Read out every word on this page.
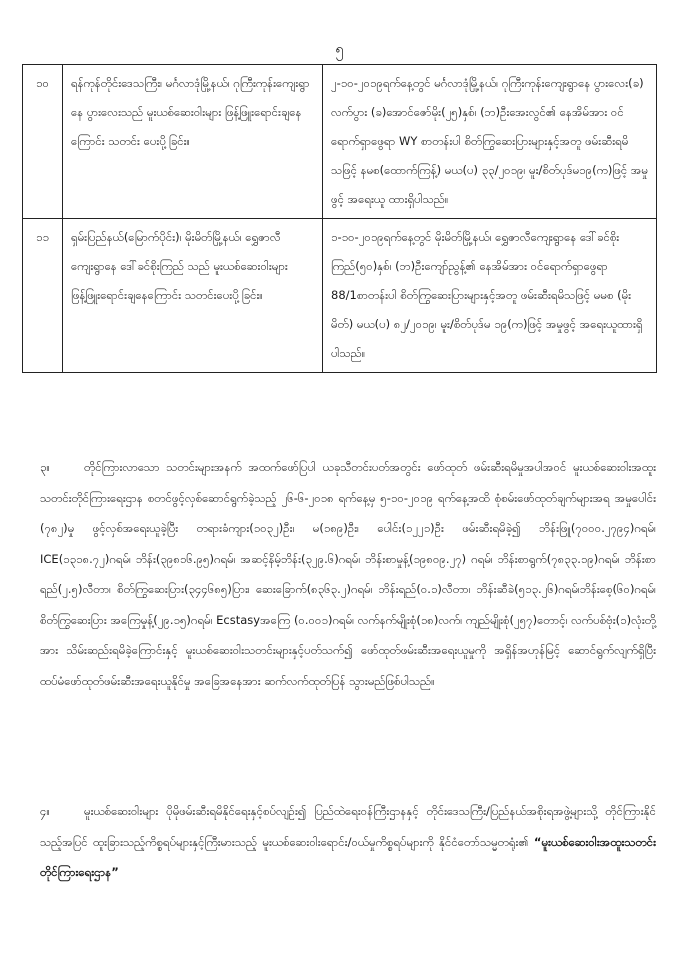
၅
၁၀	ရန်ကုန်တိုင်းဒေသကြီး၊ မင်္ဂလာဒုံမြို့နယ်၊ ဂုကြီးကုန်းကျေးရွာနေ ပွားလေးသည် မူးယစ်ဆေးဝါးများ ဖြန့်ဖြူးရောင်းချနေကြောင်း သတင်း ပေးပို့ခြင်း။	၂-၁၀-၂၀၁၉ရက်နေ့တွင် မင်္ဂလာဒုံမြို့နယ်၊ ဂုကြီးကုန်းကျေးရွာနေ ပွားလေး(ခ) လက်ပွား (ခ)အောင်ဇော်မိုး(၂၅)နှစ်၊ (ဘ)ဦးအေးလွင်၏ နေအိမ်အား ဝင်ရောက်ရှာဖွေရာ WY စာတန်းပါ စိတ်ကြွဆေးပြားများနှင့်အတူ ဖမ်းဆီးရမိသဖြင့် နမစ(ထောက်ကြန့်) မယ(ပ) ၃၃/၂၀၁၉၊ မူး/စိတ်ပုဒ်မ၁၉(က)ဖြင့် အမှုဖွင့် အရေးယူ ထားရှိပါသည်။
၁၁	ရှမ်းပြည်နယ်(မြောက်ပိုင်း)၊ မိုးမိတ်မြို့နယ်၊ ရွှေဇာလီကျေးရွာနေ ဒေါ်ခင်စိုးကြည် သည် မူးယစ်ဆေးဝါးများ ဖြန့်ဖြူးရောင်းချနေကြောင်း သတင်းပေးပို့ခြင်း။	၁-၁၀-၂၀၁၉ရက်နေ့တွင် မိုးမိတ်မြို့နယ်၊ ရွှေဇာလီကျေးရွာနေ ဒေါ်ခင်စိုးကြည်(၅၀)နှစ်၊ (ဘ)ဦးကျော်ညွန့်၏ နေအိမ်အား ဝင်ရောက်ရှာဖွေရာ 88/1စာတန်းပါ စိတ်ကြွဆေးပြားများနှင့်အတူ ဖမ်းဆီးရမိသဖြင့် မမစ (မိုးမိတ်) မယ(ပ) ၈၂/၂၀၁၉၊ မူး/စိတ်ပုဒ်မ ၁၉(က)ဖြင့် အမှုဖွင့် အရေးယူထားရှိပါသည်။
၃။	တိုင်ကြားလာသော သတင်းများအနက် အထက်ဖော်ပြပါ ယခုသီတင်းပတ်အတွင်း ဖော်ထုတ် ဖမ်းဆီးရမိမှုအပါအဝင် မူးယစ်ဆေးဝါးအထူးသတင်းတိုင်ကြားရေးဌာန စတင်ဖွင့်လှစ်ဆောင်ရွက်ခဲ့သည့် ၂၆-၆-၂၀၁၈ ရက်နေ့မှ ၅-၁၀-၂၀၁၉ ရက်နေ့အထိ စုံစမ်းဖော်ထုတ်ချက်များအရ အမှုပေါင်း (၇၈၂)မှု ဖွင့်လှစ်အရေးယူခဲ့ပြီး တရားခံကျား(၁၀၃၂)ဦး၊ မ(၁၈၉)ဦး၊ ပေါင်း(၁၂၂၁)ဦး ဖမ်းဆီးရမိခဲ့၍ ဘိန်းဖြူ(၇၀၀၀.၂၇၉၄)ဂရမ်၊ ICE(၁၃၁၈.၇၂)ဂရမ်၊ ဘိန်း(၃၉၈၁၆.၉၅)ဂရမ်၊ အဆင့်နိမ့်ဘိန်း(၃၂၉.၆)ဂရမ်၊ ဘိန်းစာမှုန့်(၁၉၈၀၉.၂၇) ဂရမ်၊ ဘိန်းစာရွက်(၇၈၃၃.၁၉)ဂရမ်၊ ဘိန်းစာရည်(၂.၅)လီတာ၊ စိတ်ကြွဆေးပြား(၃၄၄၆၈၅)ပြား၊ ဆေးခြောက်(၈၃၆၃.၂)ဂရမ်၊ ဘိန်းရည်(၀.၁)လီတာ၊ ဘိန်းဆီခဲ(၅၁၃.၂၆)ဂရမ်၊ဘိန်းစေ့(၆၀)ဂရမ်၊ စိတ်ကြွဆေးပြား အကြေမှုန့်(၂၉.၁၅)ဂရမ်၊ Ecstasyအကြေ (၀.၀၀၁)ဂရမ်၊ လက်နက်မျိုးစုံ(၁၈)လက်၊ ကျည်မျိုးစုံ(၂၅၇)တောင့်၊ လက်ပစ်ဗုံး(၁)လုံးတို့အား သိမ်းဆည်းရမိခဲ့ကြောင်းနှင့် မူးယစ်ဆေးဝါးသတင်းများနှင့်ပတ်သက်၍ ဖော်ထုတ်ဖမ်းဆီးအရေးယူမှုကို အရှိန်အဟုန်မြင့် ဆောင်ရွက်လျက်ရှိပြီး ထပ်မံဖော်ထုတ်ဖမ်းဆီးအရေးယူနိုင်မှု အခြေအနေအား ဆက်လက်ထုတ်ပြန် သွားမည်ဖြစ်ပါသည်။
၄။	မူးယစ်ဆေးဝါးများ ပိုမိုဖမ်းဆီးရမိနိုင်ရေးနှင့်စပ်လျဉ်း၍ ပြည်ထဲရေးဝန်ကြီးဌာနနှင့် တိုင်းဒေသကြီး/ပြည်နယ်အစိုးရအဖွဲ့များသို့ တိုင်ကြားနိုင်သည့်အပြင် ထူးခြားသည့်ကိစ္စရပ်များနှင့်ကြီးမားသည့် မူးယစ်ဆေးဝါးရောင်း/ဝယ်မှုကိစ္စရပ်များကို နိုင်ငံတော်သမ္မတရုံး၏ “မူးယစ်ဆေးဝါးအထူးသတင်းတိုင်ကြားရေးဌာန”
